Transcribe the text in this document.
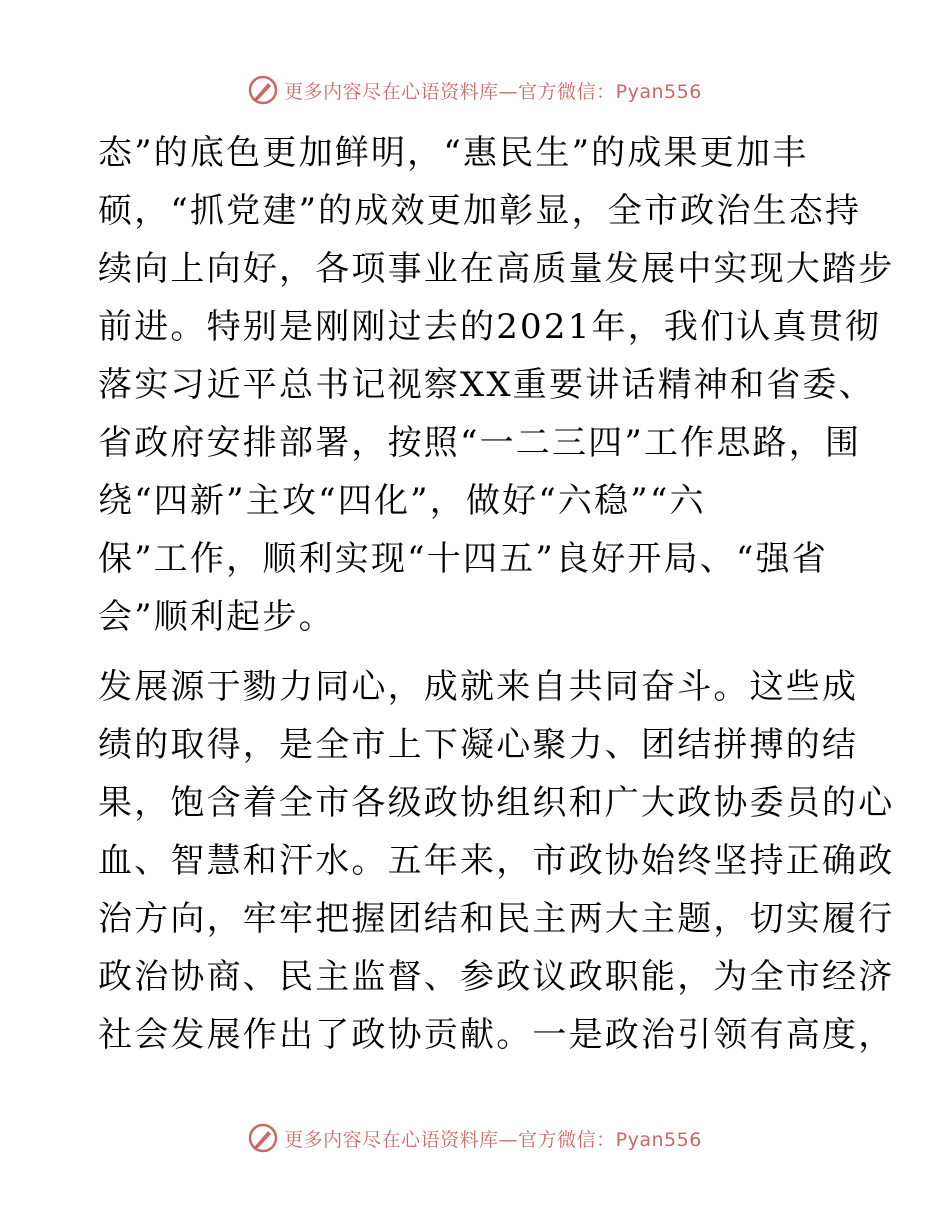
更多内容尽在心语资料库—官方微信：Pyan556
态”的底色更加鲜明，“惠民生”的成果更加丰
硕，“抓党建”的成效更加彰显，全市政治生态持
续向上向好，各项事业在高质量发展中实现大踏步
前进。特别是刚刚过去的2021年，我们认真贯彻
落实习近平总书记视察XX重要讲话精神和省委、
省政府安排部署，按照“一二三四”工作思路，围
绕“四新”主攻“四化”，做好“六稳”“六
保”工作，顺利实现“十四五”良好开局、“强省
会”顺利起步。
发展源于勠力同心，成就来自共同奋斗。这些成
绩的取得，是全市上下凝心聚力、团结拼搏的结
果，饱含着全市各级政协组织和广大政协委员的心
血、智慧和汗水。五年来，市政协始终坚持正确政
治方向，牢牢把握团结和民主两大主题，切实履行
政治协商、民主监督、参政议政职能，为全市经济
社会发展作出了政协贡献。一是政治引领有高度，
更多内容尽在心语资料库—官方微信：Pyan556
